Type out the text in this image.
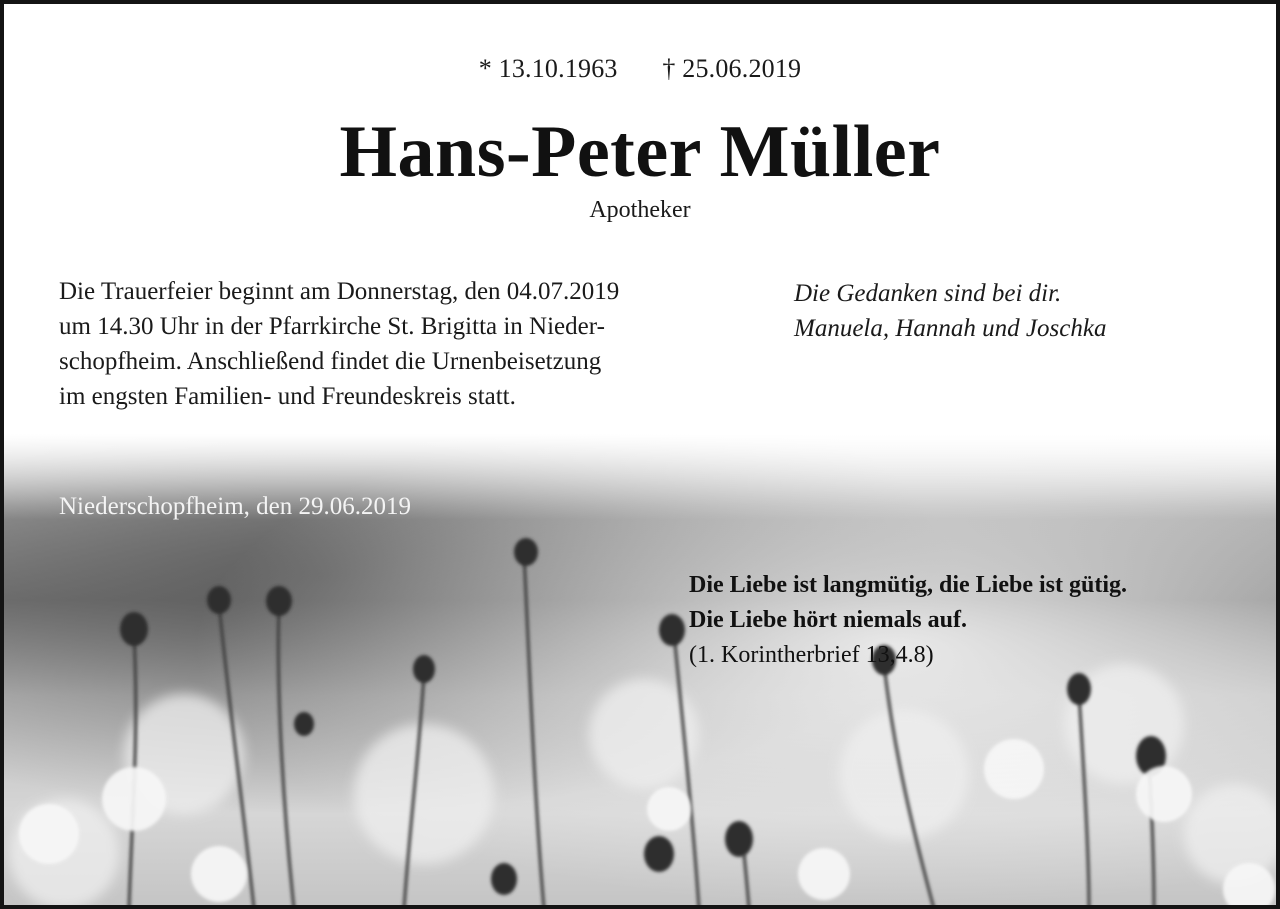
* 13.10.1963 † 25.06.2019
Hans-Peter Müller
Apotheker

Die Trauerfeier beginnt am Donnerstag, den 04.07.2019

um 14.30 Uhr in der Pfarrkirche St. Brigitta in Nieder-

schopfheim. Anschließend findet die Urnenbeisetzung

im engsten Familien- und Freundeskreis statt.

Die Gedanken sind bei dir.

Manuela, Hannah und Joschka

Niederschopfheim, den 29.06.2019

Die Liebe ist langmütig, die Liebe ist gütig.

Die Liebe hört niemals auf.

(1. Korintherbrief 13,4.8)
